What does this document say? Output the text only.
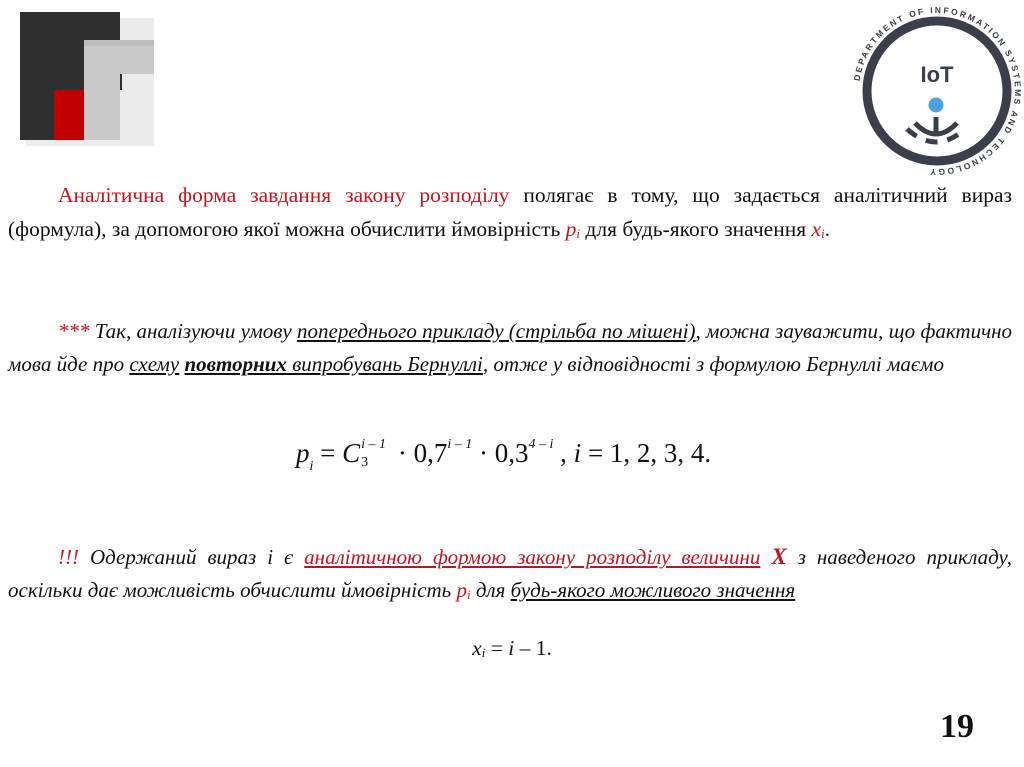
DEPARTMENT OF INFORMATION SYSTEMS AND TECHNOLOGY
IoT

Аналітична форма завдання закону розподілу полягає в тому, що задається аналітичний вираз (формула), за допомогою якої можна обчислити ймовірність pi для будь-якого значення xi.

*** Так, аналізуючи умову попереднього прикладу (стрільба по мішені), можна зауважити, що фактично мова йде про схему повторних випробувань Бернуллі, отже у відповідності з формулою Бернуллі маємо

$p_i = C$ i – 1
$3 \cdot 0,7^{i - 1} \cdot 0,3^{4 - i}$ , i = 1, 2, 3, 4.

!!! Одержаний вираз і є аналітичною формою закону розподілу величини X з наведеного прикладу, оскільки дає можливість обчислити ймовірність pi для будь-якого можливого значення

xi = i – 1.
19
